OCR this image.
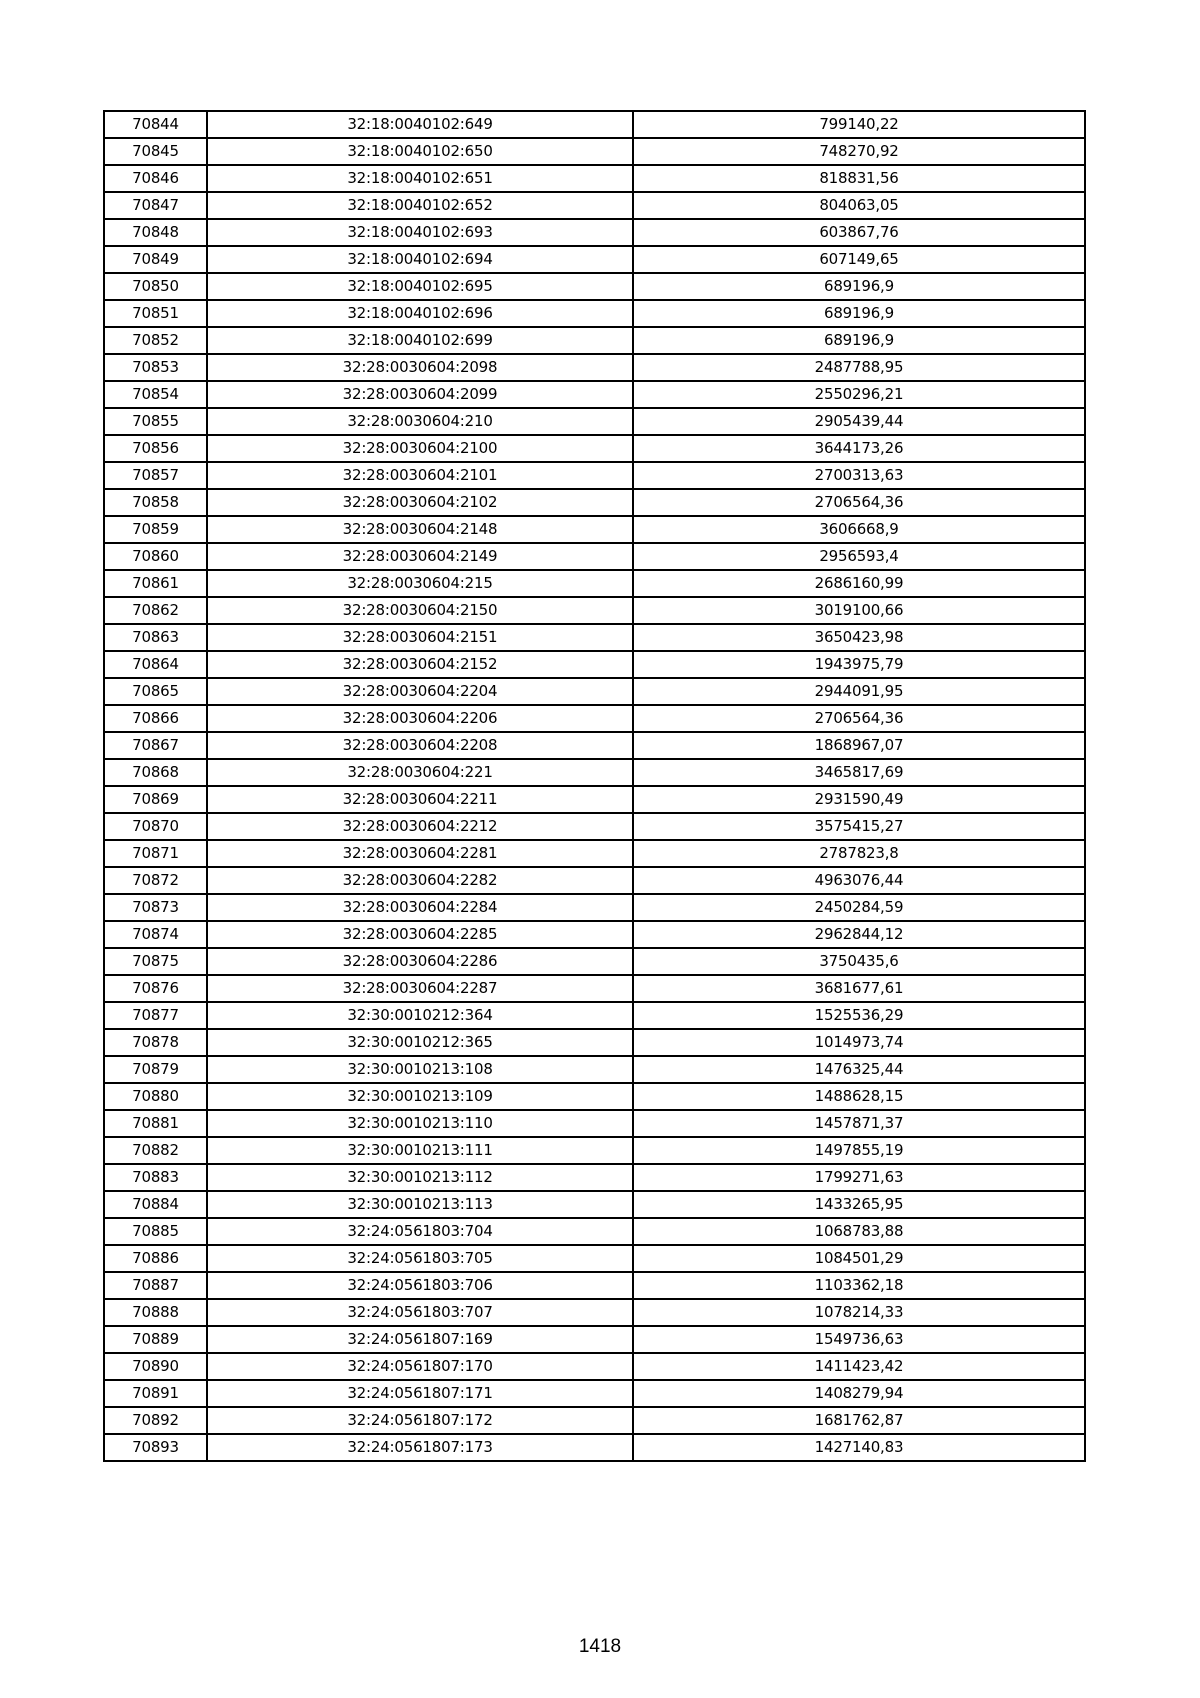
70844	32:18:0040102:649	799140,22
70845	32:18:0040102:650	748270,92
70846	32:18:0040102:651	818831,56
70847	32:18:0040102:652	804063,05
70848	32:18:0040102:693	603867,76
70849	32:18:0040102:694	607149,65
70850	32:18:0040102:695	689196,9
70851	32:18:0040102:696	689196,9
70852	32:18:0040102:699	689196,9
70853	32:28:0030604:2098	2487788,95
70854	32:28:0030604:2099	2550296,21
70855	32:28:0030604:210	2905439,44
70856	32:28:0030604:2100	3644173,26
70857	32:28:0030604:2101	2700313,63
70858	32:28:0030604:2102	2706564,36
70859	32:28:0030604:2148	3606668,9
70860	32:28:0030604:2149	2956593,4
70861	32:28:0030604:215	2686160,99
70862	32:28:0030604:2150	3019100,66
70863	32:28:0030604:2151	3650423,98
70864	32:28:0030604:2152	1943975,79
70865	32:28:0030604:2204	2944091,95
70866	32:28:0030604:2206	2706564,36
70867	32:28:0030604:2208	1868967,07
70868	32:28:0030604:221	3465817,69
70869	32:28:0030604:2211	2931590,49
70870	32:28:0030604:2212	3575415,27
70871	32:28:0030604:2281	2787823,8
70872	32:28:0030604:2282	4963076,44
70873	32:28:0030604:2284	2450284,59
70874	32:28:0030604:2285	2962844,12
70875	32:28:0030604:2286	3750435,6
70876	32:28:0030604:2287	3681677,61
70877	32:30:0010212:364	1525536,29
70878	32:30:0010212:365	1014973,74
70879	32:30:0010213:108	1476325,44
70880	32:30:0010213:109	1488628,15
70881	32:30:0010213:110	1457871,37
70882	32:30:0010213:111	1497855,19
70883	32:30:0010213:112	1799271,63
70884	32:30:0010213:113	1433265,95
70885	32:24:0561803:704	1068783,88
70886	32:24:0561803:705	1084501,29
70887	32:24:0561803:706	1103362,18
70888	32:24:0561803:707	1078214,33
70889	32:24:0561807:169	1549736,63
70890	32:24:0561807:170	1411423,42
70891	32:24:0561807:171	1408279,94
70892	32:24:0561807:172	1681762,87
70893	32:24:0561807:173	1427140,83
1418
